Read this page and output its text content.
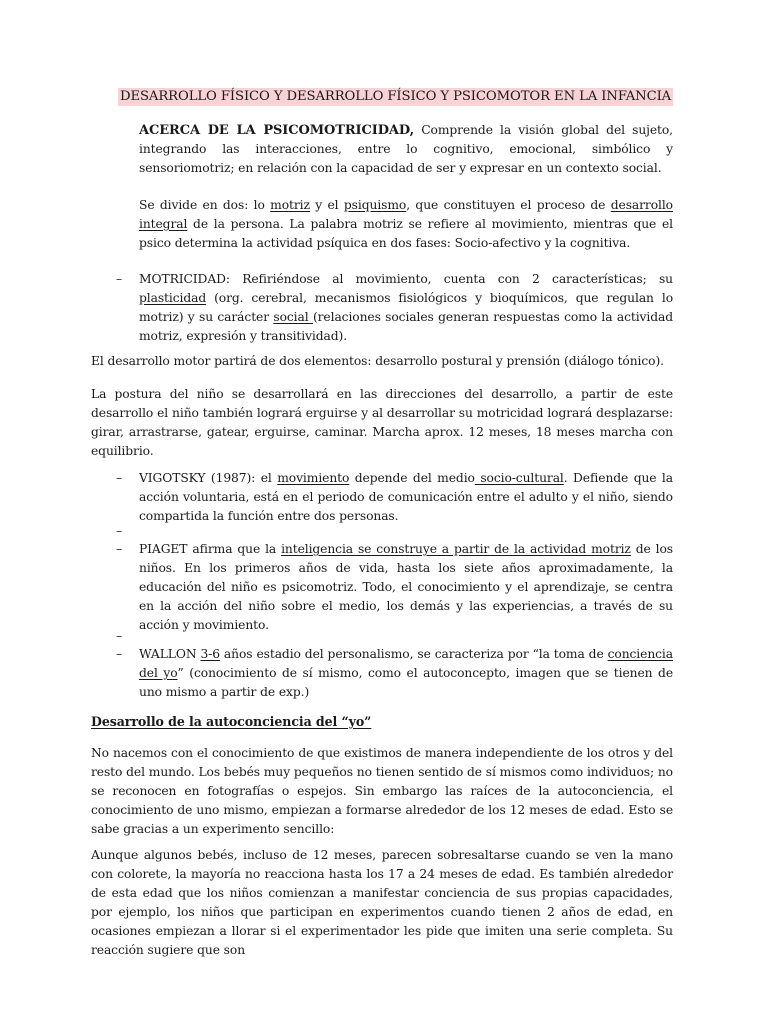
DESARROLLO FÍSICO Y DESARROLLO FÍSICO Y PSICOMOTOR EN LA INFANCIA

ACERCA DE LA PSICOMOTRICIDAD, Comprende la visión global del sujeto, integrando las interacciones, entre lo cognitivo, emocional, simbólico y sensoriomotriz; en relación con la capacidad de ser y expresar en un contexto social.

Se divide en dos: lo motriz y el psiquismo, que constituyen el proceso de desarrollo integral de la persona. La palabra motriz se refiere al movimiento, mientras que el psico determina la actividad psíquica en dos fases: Socio-afectivo y la cognitiva.

– MOTRICIDAD: Refiriéndose al movimiento, cuenta con 2 características; su plasticidad (org. cerebral, mecanismos fisiológicos y bioquímicos, que regulan lo motriz) y su carácter social (relaciones sociales generan respuestas como la actividad motriz, expresión y transitividad).

El desarrollo motor partirá de dos elementos: desarrollo postural y prensión (diálogo tónico).

La postura del niño se desarrollará en las direcciones del desarrollo, a partir de este desarrollo el niño también logrará erguirse y al desarrollar su motricidad logrará desplazarse: girar, arrastrarse, gatear, erguirse, caminar. Marcha aprox. 12 meses, 18 meses marcha con equilibrio.

– VIGOTSKY (1987): el movimiento depende del medio socio-cultural. Defiende que la acción voluntaria, está en el periodo de comunicación entre el adulto y el niño, siendo compartida la función entre dos personas.

–

– PIAGET afirma que la inteligencia se construye a partir de la actividad motriz de los niños. En los primeros años de vida, hasta los siete años aproximadamente, la educación del niño es psicomotriz. Todo, el conocimiento y el aprendizaje, se centra en la acción del niño sobre el medio, los demás y las experiencias, a través de su acción y movimiento.

–

– WALLON 3-6 años estadio del personalismo, se caracteriza por “la toma de conciencia del yo” (conocimiento de sí mismo, como el autoconcepto, imagen que se tienen de uno mismo a partir de exp.)

Desarrollo de la autoconciencia del “yo”

No nacemos con el conocimiento de que existimos de manera independiente de los otros y del resto del mundo. Los bebés muy pequeños no tienen sentido de sí mismos como individuos; no se reconocen en fotografías o espejos. Sin embargo las raíces de la autoconciencia, el conocimiento de uno mismo, empiezan a formarse alrededor de los 12 meses de edad. Esto se sabe gracias a un experimento sencillo:

Aunque algunos bebés, incluso de 12 meses, parecen sobresaltarse cuando se ven la mano con colorete, la mayoría no reacciona hasta los 17 a 24 meses de edad. Es también alrededor de esta edad que los niños comienzan a manifestar conciencia de sus propias capacidades, por ejemplo, los niños que participan en experimentos cuando tienen 2 años de edad, en ocasiones empiezan a llorar si el experimentador les pide que imiten una serie completa. Su reacción sugiere que son
